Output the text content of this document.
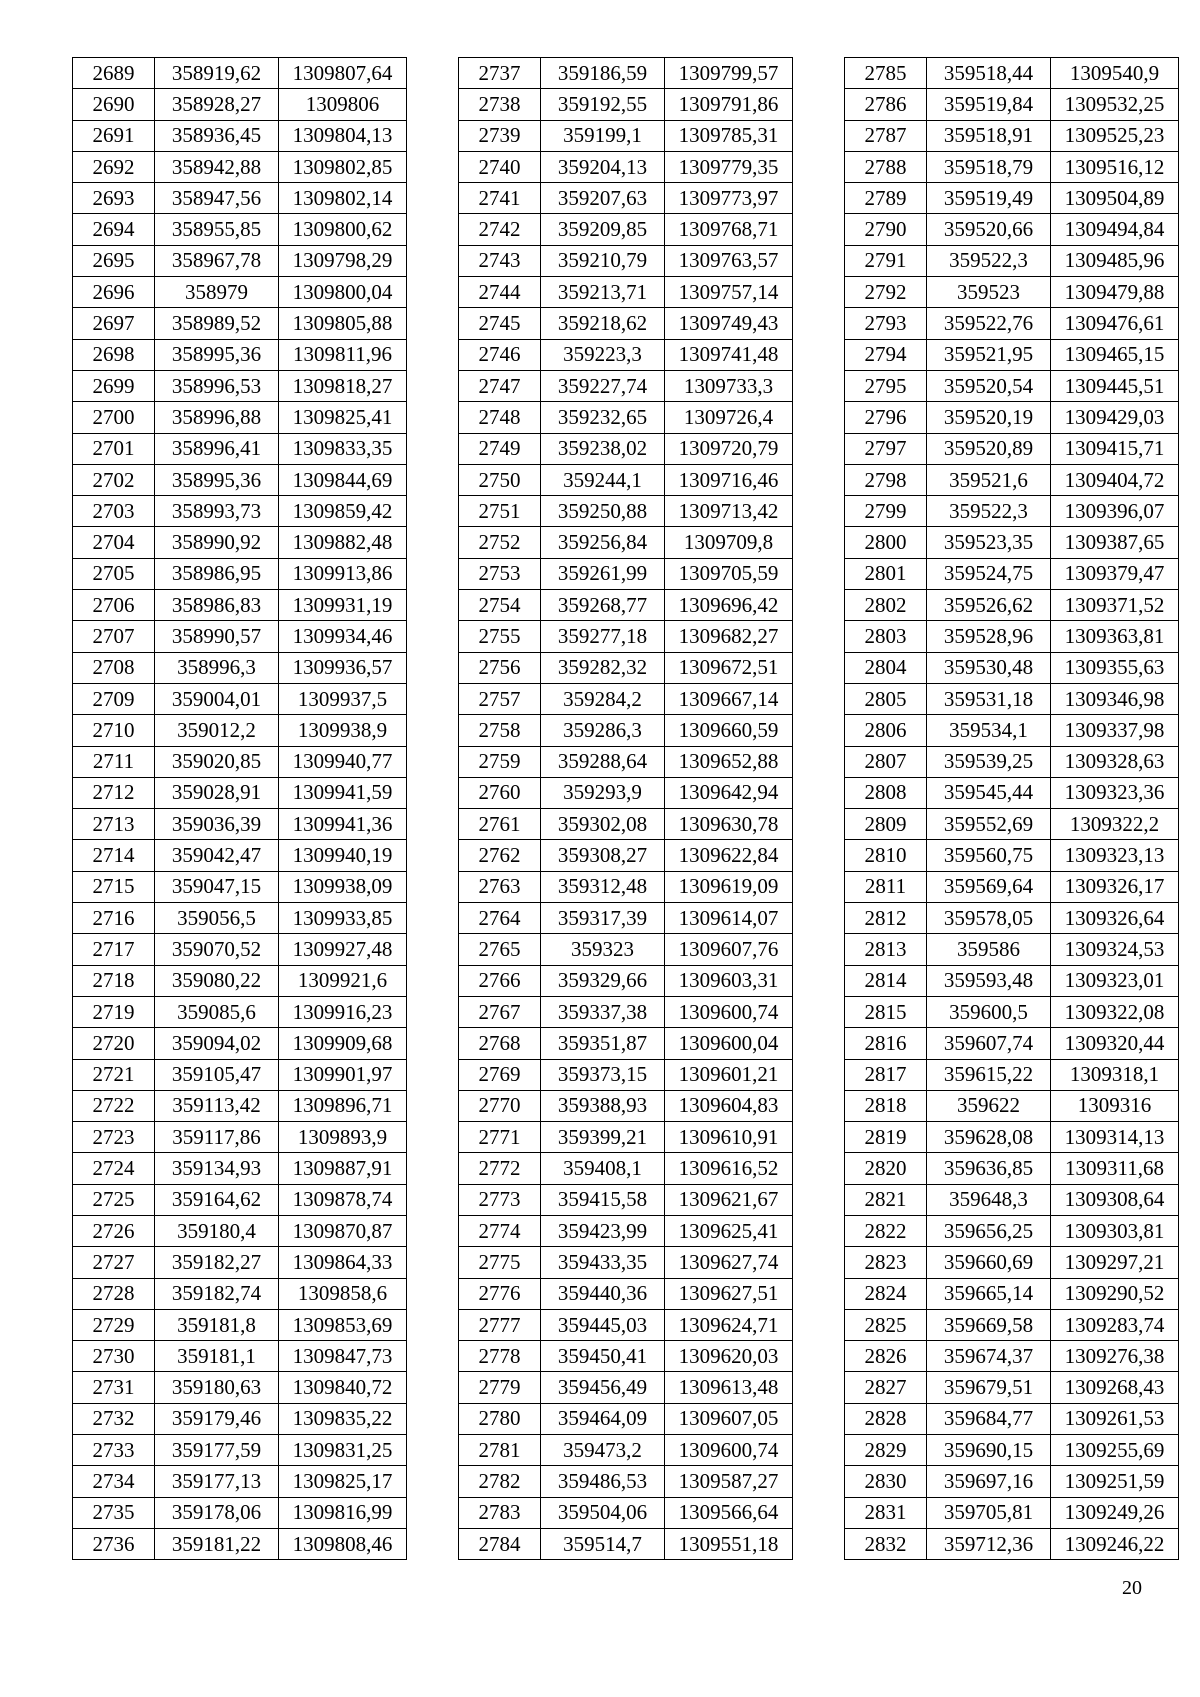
2689	358919,62	1309807,64
2690	358928,27	1309806
2691	358936,45	1309804,13
2692	358942,88	1309802,85
2693	358947,56	1309802,14
2694	358955,85	1309800,62
2695	358967,78	1309798,29
2696	358979	1309800,04
2697	358989,52	1309805,88
2698	358995,36	1309811,96
2699	358996,53	1309818,27
2700	358996,88	1309825,41
2701	358996,41	1309833,35
2702	358995,36	1309844,69
2703	358993,73	1309859,42
2704	358990,92	1309882,48
2705	358986,95	1309913,86
2706	358986,83	1309931,19
2707	358990,57	1309934,46
2708	358996,3	1309936,57
2709	359004,01	1309937,5
2710	359012,2	1309938,9
2711	359020,85	1309940,77
2712	359028,91	1309941,59
2713	359036,39	1309941,36
2714	359042,47	1309940,19
2715	359047,15	1309938,09
2716	359056,5	1309933,85
2717	359070,52	1309927,48
2718	359080,22	1309921,6
2719	359085,6	1309916,23
2720	359094,02	1309909,68
2721	359105,47	1309901,97
2722	359113,42	1309896,71
2723	359117,86	1309893,9
2724	359134,93	1309887,91
2725	359164,62	1309878,74
2726	359180,4	1309870,87
2727	359182,27	1309864,33
2728	359182,74	1309858,6
2729	359181,8	1309853,69
2730	359181,1	1309847,73
2731	359180,63	1309840,72
2732	359179,46	1309835,22
2733	359177,59	1309831,25
2734	359177,13	1309825,17
2735	359178,06	1309816,99
2736	359181,22	1309808,46
2737	359186,59	1309799,57
2738	359192,55	1309791,86
2739	359199,1	1309785,31
2740	359204,13	1309779,35
2741	359207,63	1309773,97
2742	359209,85	1309768,71
2743	359210,79	1309763,57
2744	359213,71	1309757,14
2745	359218,62	1309749,43
2746	359223,3	1309741,48
2747	359227,74	1309733,3
2748	359232,65	1309726,4
2749	359238,02	1309720,79
2750	359244,1	1309716,46
2751	359250,88	1309713,42
2752	359256,84	1309709,8
2753	359261,99	1309705,59
2754	359268,77	1309696,42
2755	359277,18	1309682,27
2756	359282,32	1309672,51
2757	359284,2	1309667,14
2758	359286,3	1309660,59
2759	359288,64	1309652,88
2760	359293,9	1309642,94
2761	359302,08	1309630,78
2762	359308,27	1309622,84
2763	359312,48	1309619,09
2764	359317,39	1309614,07
2765	359323	1309607,76
2766	359329,66	1309603,31
2767	359337,38	1309600,74
2768	359351,87	1309600,04
2769	359373,15	1309601,21
2770	359388,93	1309604,83
2771	359399,21	1309610,91
2772	359408,1	1309616,52
2773	359415,58	1309621,67
2774	359423,99	1309625,41
2775	359433,35	1309627,74
2776	359440,36	1309627,51
2777	359445,03	1309624,71
2778	359450,41	1309620,03
2779	359456,49	1309613,48
2780	359464,09	1309607,05
2781	359473,2	1309600,74
2782	359486,53	1309587,27
2783	359504,06	1309566,64
2784	359514,7	1309551,18
2785	359518,44	1309540,9
2786	359519,84	1309532,25
2787	359518,91	1309525,23
2788	359518,79	1309516,12
2789	359519,49	1309504,89
2790	359520,66	1309494,84
2791	359522,3	1309485,96
2792	359523	1309479,88
2793	359522,76	1309476,61
2794	359521,95	1309465,15
2795	359520,54	1309445,51
2796	359520,19	1309429,03
2797	359520,89	1309415,71
2798	359521,6	1309404,72
2799	359522,3	1309396,07
2800	359523,35	1309387,65
2801	359524,75	1309379,47
2802	359526,62	1309371,52
2803	359528,96	1309363,81
2804	359530,48	1309355,63
2805	359531,18	1309346,98
2806	359534,1	1309337,98
2807	359539,25	1309328,63
2808	359545,44	1309323,36
2809	359552,69	1309322,2
2810	359560,75	1309323,13
2811	359569,64	1309326,17
2812	359578,05	1309326,64
2813	359586	1309324,53
2814	359593,48	1309323,01
2815	359600,5	1309322,08
2816	359607,74	1309320,44
2817	359615,22	1309318,1
2818	359622	1309316
2819	359628,08	1309314,13
2820	359636,85	1309311,68
2821	359648,3	1309308,64
2822	359656,25	1309303,81
2823	359660,69	1309297,21
2824	359665,14	1309290,52
2825	359669,58	1309283,74
2826	359674,37	1309276,38
2827	359679,51	1309268,43
2828	359684,77	1309261,53
2829	359690,15	1309255,69
2830	359697,16	1309251,59
2831	359705,81	1309249,26
2832	359712,36	1309246,22
20
